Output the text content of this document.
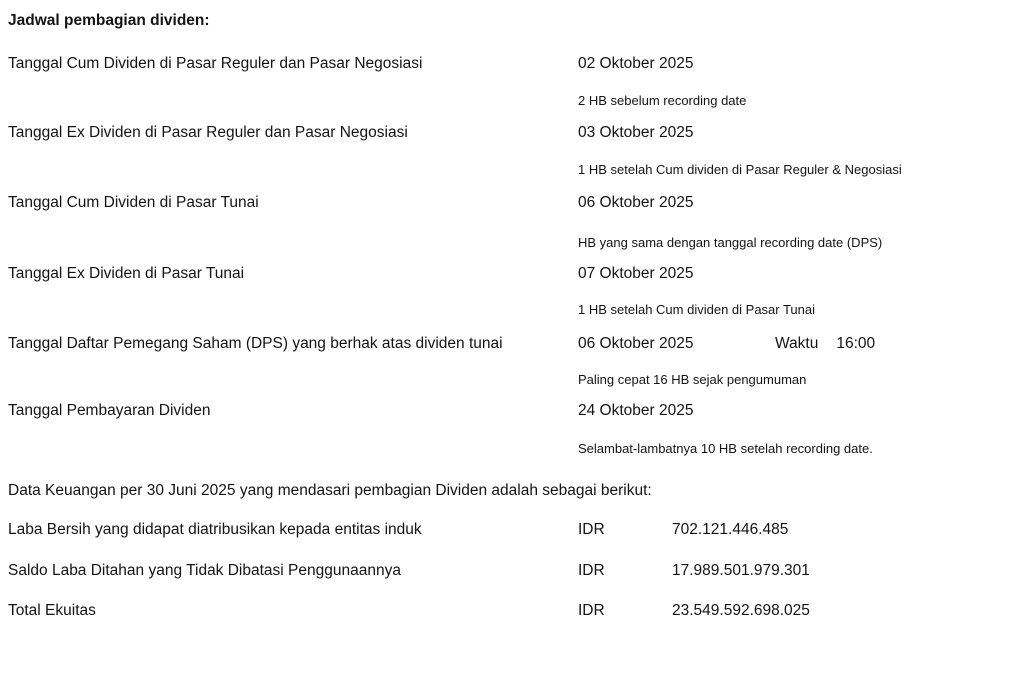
Jadwal pembagian dividen:
Tanggal Cum Dividen di Pasar Reguler dan Pasar Negosiasi	02 Oktober 2025
2 HB sebelum recording date
Tanggal Ex Dividen di Pasar Reguler dan Pasar Negosiasi	03 Oktober 2025
1 HB setelah Cum dividen di Pasar Reguler & Negosiasi
Tanggal Cum Dividen di Pasar Tunai	06 Oktober 2025
HB yang sama dengan tanggal recording date (DPS)
Tanggal Ex Dividen di Pasar Tunai	07 Oktober 2025
1 HB setelah Cum dividen di Pasar Tunai
Tanggal Daftar Pemegang Saham (DPS) yang berhak atas dividen tunai	06 Oktober 2025	Waktu 16:00
Paling cepat 16 HB sejak pengumuman
Tanggal Pembayaran Dividen	24 Oktober 2025
Selambat-lambatnya 10 HB setelah recording date.
Data Keuangan per 30 Juni 2025 yang mendasari pembagian Dividen adalah sebagai berikut:
Laba Bersih yang didapat diatribusikan kepada entitas induk	IDR	702.121.446.485
Saldo Laba Ditahan yang Tidak Dibatasi Penggunaannya	IDR	17.989.501.979.301
Total Ekuitas	IDR	23.549.592.698.025
